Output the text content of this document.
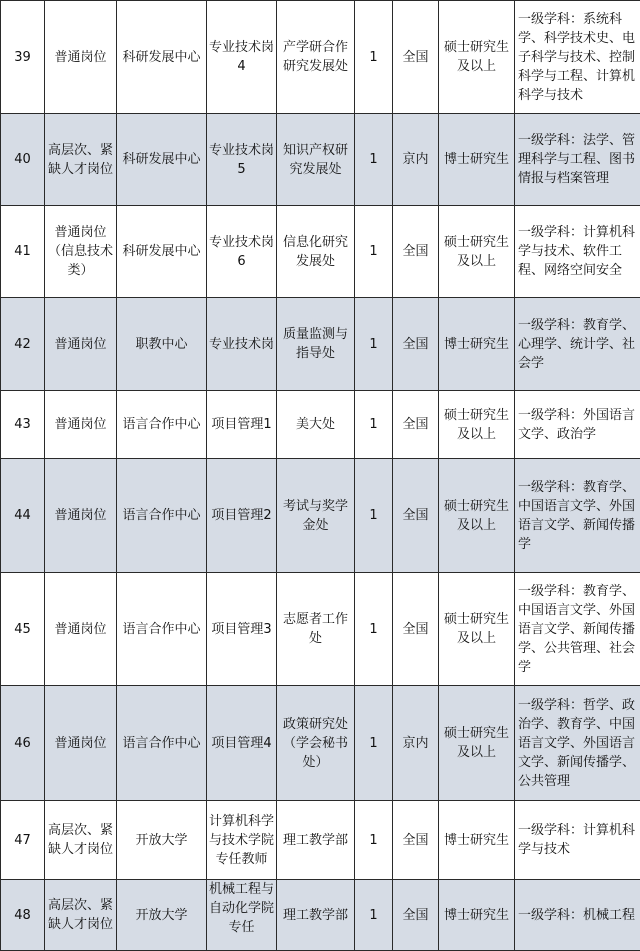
39	普通岗位	科研发展中心	专业技术岗4	产学研合作研究发展处	1	全国	硕士研究生及以上	一级学科：系统科学、科学技术史、电子科学与技术、控制科学与工程、计算机科学与技术
40	高层次、紧缺人才岗位	科研发展中心	专业技术岗5	知识产权研究发展处	1	京内	博士研究生	一级学科：法学、管理科学与工程、图书情报与档案管理
41	普通岗位（信息技术类）	科研发展中心	专业技术岗6	信息化研究发展处	1	全国	硕士研究生及以上	一级学科：计算机科学与技术、软件工程、网络空间安全
42	普通岗位	职教中心	专业技术岗	质量监测与指导处	1	全国	博士研究生	一级学科：教育学、心理学、统计学、社会学
43	普通岗位	语言合作中心	项目管理1	美大处	1	全国	硕士研究生及以上	一级学科：外国语言文学、政治学
44	普通岗位	语言合作中心	项目管理2	考试与奖学金处	1	全国	硕士研究生及以上	一级学科：教育学、中国语言文学、外国语言文学、新闻传播学
45	普通岗位	语言合作中心	项目管理3	志愿者工作处	1	全国	硕士研究生及以上	一级学科：教育学、中国语言文学、外国语言文学、新闻传播学、公共管理、社会学
46	普通岗位	语言合作中心	项目管理4	政策研究处（学会秘书处）	1	京内	硕士研究生及以上	一级学科：哲学、政治学、教育学、中国语言文学、外国语言文学、新闻传播学、公共管理
47	高层次、紧缺人才岗位	开放大学	计算机科学与技术学院专任教师	理工教学部	1	全国	博士研究生	一级学科：计算机科学与技术
48	高层次、紧缺人才岗位	开放大学	机械工程与自动化学院专任	理工教学部	1	全国	博士研究生	一级学科：机械工程
